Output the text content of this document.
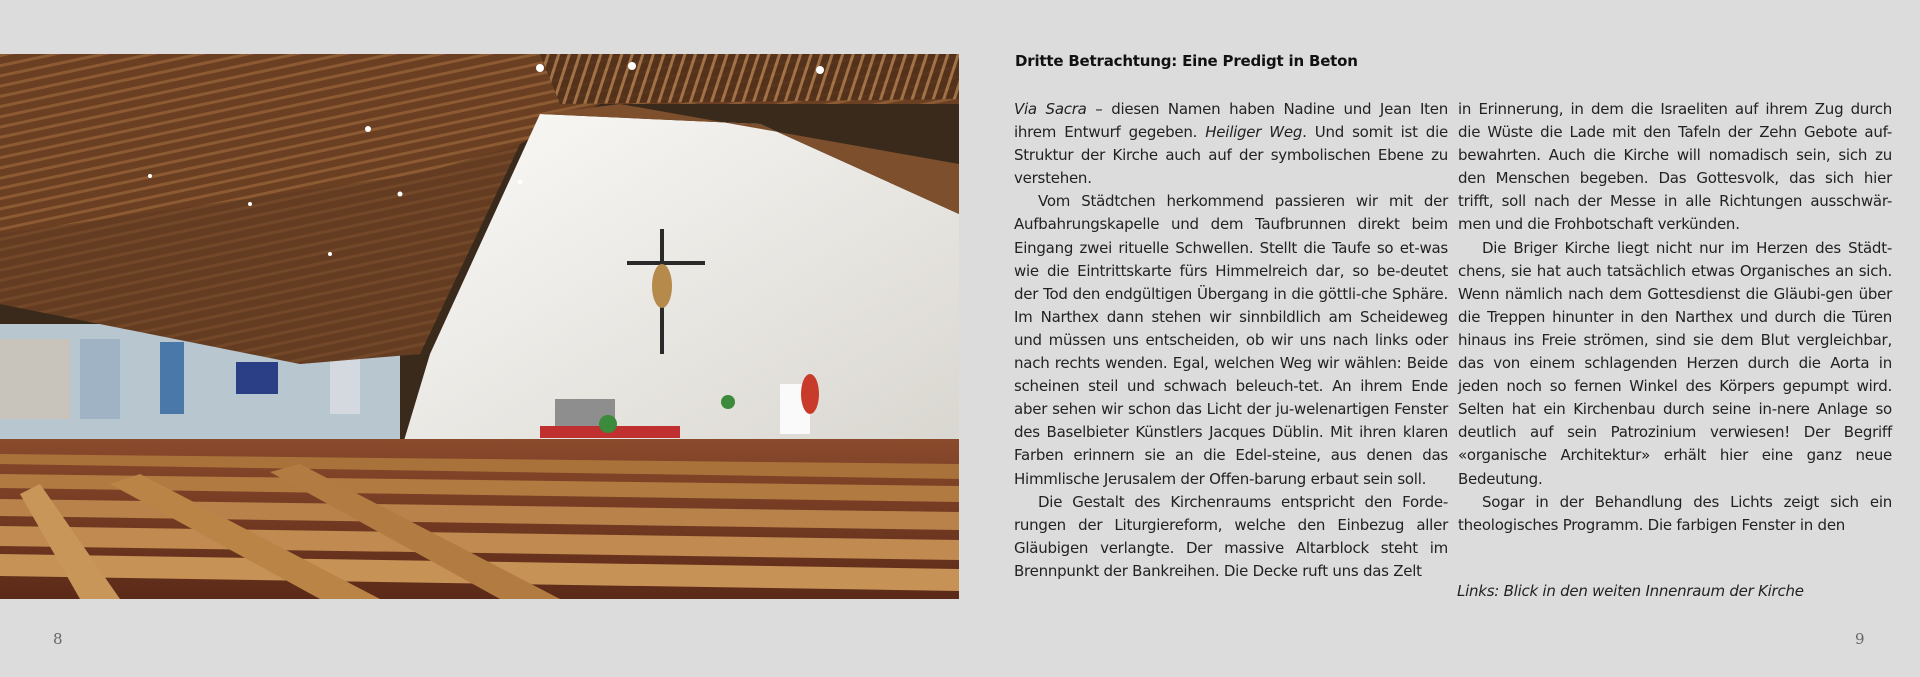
Dritte Betrachtung: Eine Predigt in Beton

Via Sacra – diesen Namen haben Nadine und Jean Iten ihrem Entwurf gegeben. Heiliger Weg. Und somit ist die Struktur der Kirche auch auf der symbolischen Ebene zu verstehen.

Vom Städtchen herkommend passieren wir mit der Aufbahrungskapelle und dem Taufbrunnen direkt beim Eingang zwei rituelle Schwellen. Stellt die Taufe so et-was wie die Eintrittskarte fürs Himmelreich dar, so be-deutet der Tod den endgültigen Übergang in die göttli-che Sphäre. Im Narthex dann stehen wir sinnbildlich am Scheideweg und müssen uns entscheiden, ob wir uns nach links oder nach rechts wenden. Egal, welchen Weg wir wählen: Beide scheinen steil und schwach beleuch-tet. An ihrem Ende aber sehen wir schon das Licht der ju-welenartigen Fenster des Baselbieter Künstlers Jacques Düblin. Mit ihren klaren Farben erinnern sie an die Edel-steine, aus denen das Himmlische Jerusalem der Offen-barung erbaut sein soll.

Die Gestalt des Kirchenraums entspricht den Forde-rungen der Liturgiereform, welche den Einbezug aller Gläubigen verlangte. Der massive Altarblock steht im Brennpunkt der Bankreihen. Die Decke ruft uns das Zelt

in Erinnerung, in dem die Israeliten auf ihrem Zug durch die Wüste die Lade mit den Tafeln der Zehn Gebote auf-bewahrten. Auch die Kirche will nomadisch sein, sich zu den Menschen begeben. Das Gottesvolk, das sich hier trifft, soll nach der Messe in alle Richtungen ausschwär-men und die Frohbotschaft verkünden.

Die Briger Kirche liegt nicht nur im Herzen des Städt-chens, sie hat auch tatsächlich etwas Organisches an sich. Wenn nämlich nach dem Gottesdienst die Gläubi-gen über die Treppen hinunter in den Narthex und durch die Türen hinaus ins Freie strömen, sind sie dem Blut vergleichbar, das von einem schlagenden Herzen durch die Aorta in jeden noch so fernen Winkel des Körpers gepumpt wird. Selten hat ein Kirchenbau durch seine in-nere Anlage so deutlich auf sein Patrozinium verwiesen! Der Begriff «organische Architektur» erhält hier eine ganz neue Bedeutung.

Sogar in der Behandlung des Lichts zeigt sich ein theologisches Programm. Die farbigen Fenster in den

Links: Blick in den weiten Innenraum der Kirche
8	9
